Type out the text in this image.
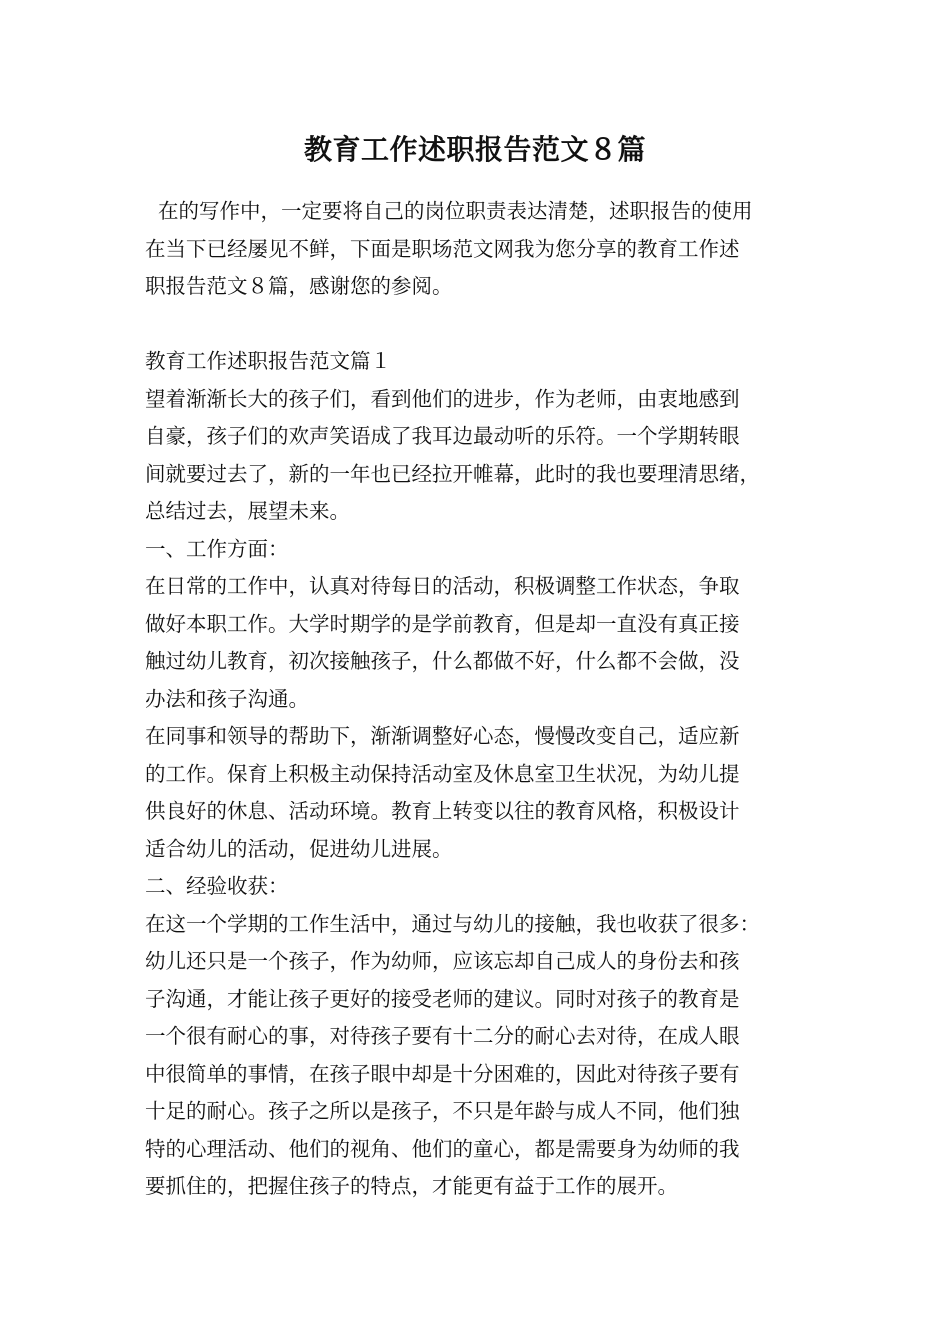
教育工作述职报告范文８篇
在的写作中，一定要将自己的岗位职责表达清楚，述职报告的使用
在当下已经屡见不鲜，下面是职场范文网我为您分享的教育工作述
职报告范文８篇，感谢您的参阅。
教育工作述职报告范文篇１
望着渐渐长大的孩子们，看到他们的进步，作为老师，由衷地感到
自豪，孩子们的欢声笑语成了我耳边最动听的乐符。一个学期转眼
间就要过去了，新的一年也已经拉开帷幕，此时的我也要理清思绪，
总结过去，展望未来。
一、工作方面：
在日常的工作中，认真对待每日的活动，积极调整工作状态，争取
做好本职工作。大学时期学的是学前教育，但是却一直没有真正接
触过幼儿教育，初次接触孩子，什么都做不好，什么都不会做，没
办法和孩子沟通。
在同事和领导的帮助下，渐渐调整好心态，慢慢改变自己，适应新
的工作。保育上积极主动保持活动室及休息室卫生状况，为幼儿提
供良好的休息、活动环境。教育上转变以往的教育风格，积极设计
适合幼儿的活动，促进幼儿进展。
二、经验收获：
在这一个学期的工作生活中，通过与幼儿的接触，我也收获了很多：
幼儿还只是一个孩子，作为幼师，应该忘却自己成人的身份去和孩
子沟通，才能让孩子更好的接受老师的建议。同时对孩子的教育是
一个很有耐心的事，对待孩子要有十二分的耐心去对待，在成人眼
中很简单的事情，在孩子眼中却是十分困难的，因此对待孩子要有
十足的耐心。孩子之所以是孩子，不只是年龄与成人不同，他们独
特的心理活动、他们的视角、他们的童心，都是需要身为幼师的我
要抓住的，把握住孩子的特点，才能更有益于工作的展开。
